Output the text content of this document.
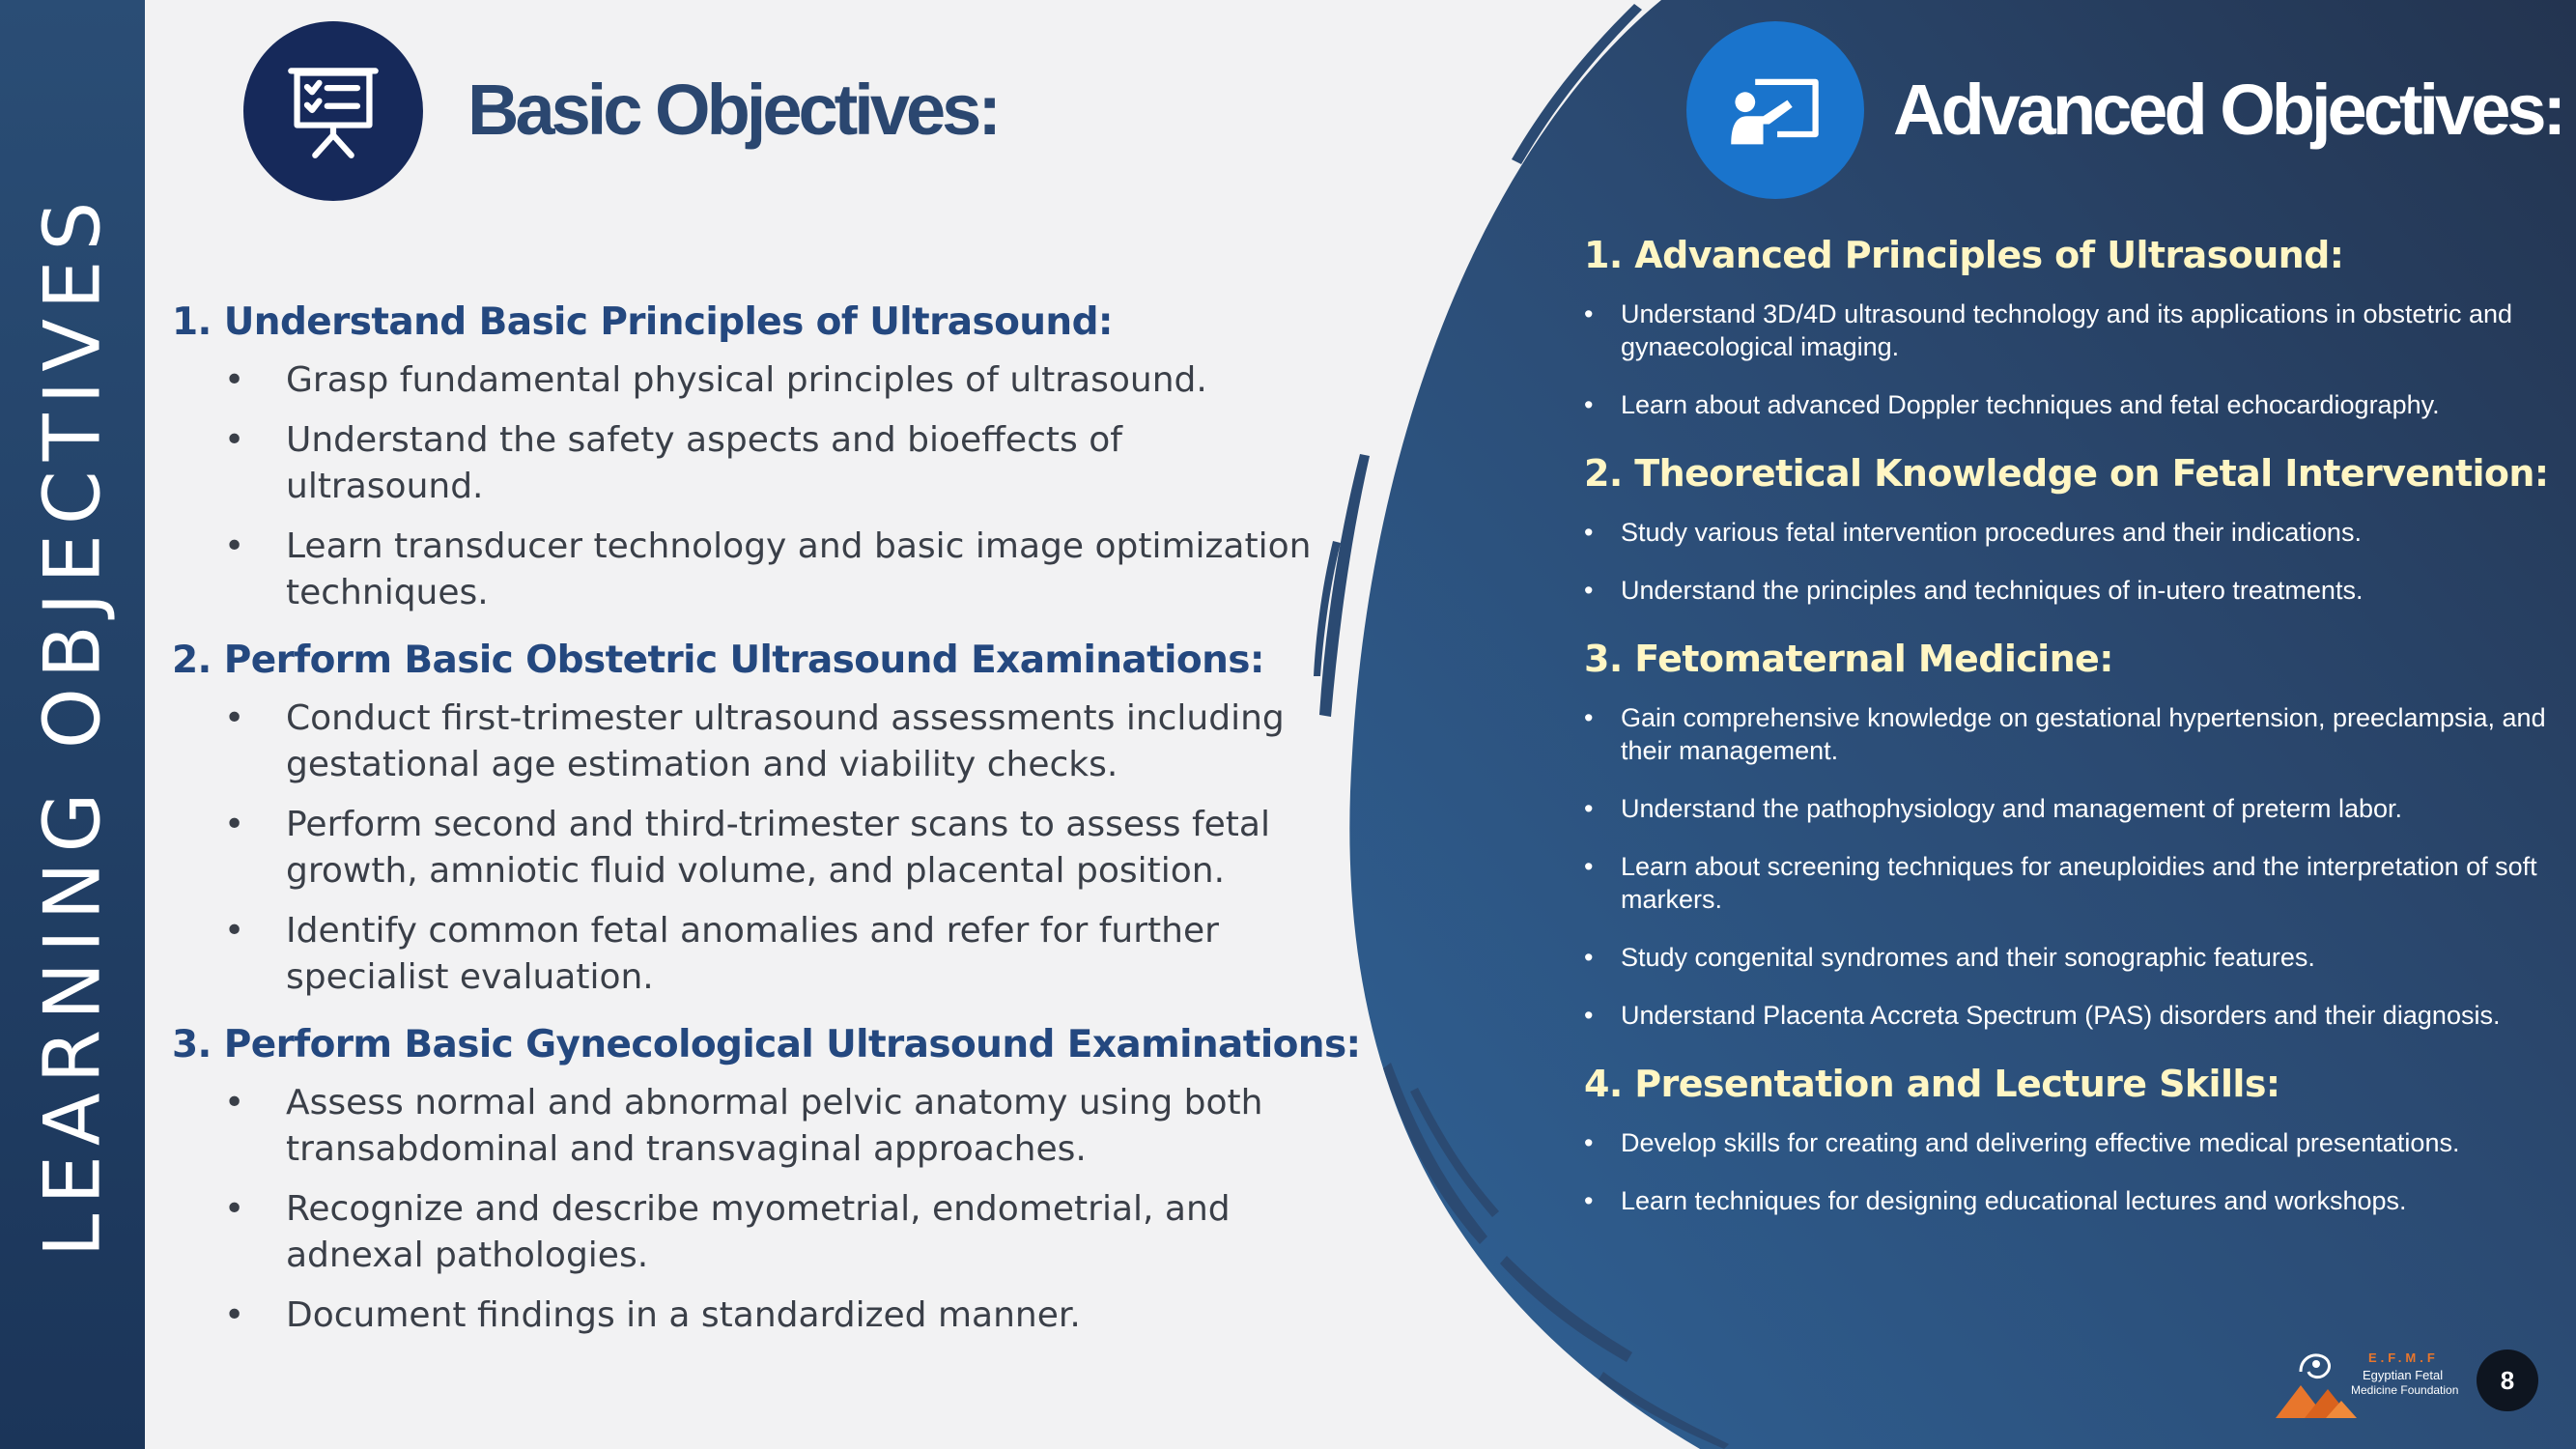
LEARNING OBJECTIVES
Basic Objectives:	Advanced Objectives:
1. Understand Basic Principles of Ultrasound:
• Grasp fundamental physical principles of ultrasound.
• Understand the safety aspects and bioeffects of ultrasound.
• Learn transducer technology and basic image optimization techniques.
2. Perform Basic Obstetric Ultrasound Examinations:
• Conduct first-trimester ultrasound assessments including gestational age estimation and viability checks.
• Perform second and third-trimester scans to assess fetal growth, amniotic fluid volume, and placental position.
• Identify common fetal anomalies and refer for further specialist evaluation.
3. Perform Basic Gynecological Ultrasound Examinations:
• Assess normal and abnormal pelvic anatomy using both transabdominal and transvaginal approaches.
• Recognize and describe myometrial, endometrial, and adnexal pathologies.
• Document findings in a standardized manner.
1. Advanced Principles of Ultrasound:
• Understand 3D/4D ultrasound technology and its applications in obstetric and gynaecological imaging.
• Learn about advanced Doppler techniques and fetal echocardiography.
2. Theoretical Knowledge on Fetal Intervention:
• Study various fetal intervention procedures and their indications.
• Understand the principles and techniques of in-utero treatments.
3. Fetomaternal Medicine:
• Gain comprehensive knowledge on gestational hypertension, preeclampsia, and their management.
• Understand the pathophysiology and management of preterm labor.
• Learn about screening techniques for aneuploidies and the interpretation of soft markers.
• Study congenital syndromes and their sonographic features.
• Understand Placenta Accreta Spectrum (PAS) disorders and their diagnosis.
4. Presentation and Lecture Skills:
• Develop skills for creating and delivering effective medical presentations.
• Learn techniques for designing educational lectures and workshops.
E.F.M.F
Egyptian Fetal
Medicine Foundation	8
